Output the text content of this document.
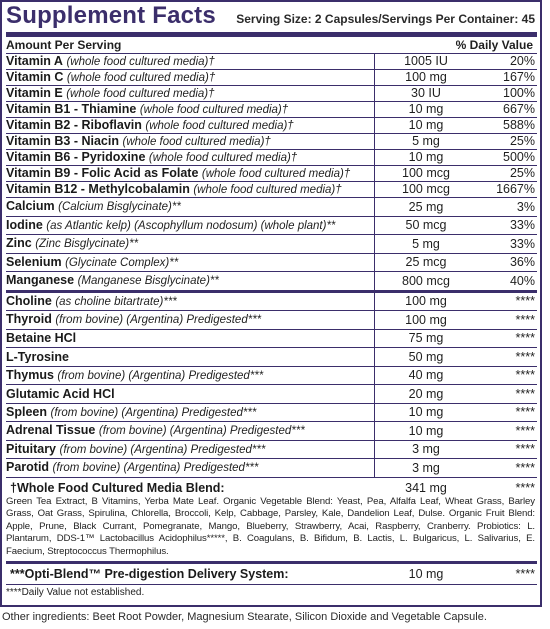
Supplement Facts Serving Size: 2 Capsules/Servings Per Container: 45
Amount Per Serving	% Daily Value
Vitamin A (whole food cultured media)†	1005 IU	20%
Vitamin C (whole food cultured media)†	100 mg	167%
Vitamin E (whole food cultured media)†	30 IU	100%
Vitamin B1 - Thiamine (whole food cultured media)†	10 mg	667%
Vitamin B2 - Riboflavin (whole food cultured media)†	10 mg	588%
Vitamin B3 - Niacin (whole food cultured media)†	5 mg	25%
Vitamin B6 - Pyridoxine (whole food cultured media)†	10 mg	500%
Vitamin B9 - Folic Acid as Folate (whole food cultured media)†	100 mcg	25%
Vitamin B12 - Methylcobalamin (whole food cultured media)†	100 mcg	1667%
Calcium (Calcium Bisglycinate)**	25 mg	3%
Iodine (as Atlantic kelp) (Ascophyllum nodosum) (whole plant)**	50 mcg	33%
Zinc (Zinc Bisglycinate)**	5 mg	33%
Selenium (Glycinate Complex)**	25 mcg	36%
Manganese (Manganese Bisglycinate)**	800 mcg	40%
Choline (as choline bitartrate)***	100 mg	****
Thyroid (from bovine) (Argentina) Predigested***	100 mg	****
Betaine HCl	75 mg	****
L-Tyrosine	50 mg	****
Thymus (from bovine) (Argentina) Predigested***	40 mg	****
Glutamic Acid HCl	20 mg	****
Spleen (from bovine) (Argentina) Predigested***	10 mg	****
Adrenal Tissue (from bovine) (Argentina) Predigested***	10 mg	****
Pituitary (from bovine) (Argentina) Predigested***	3 mg	****
Parotid (from bovine) (Argentina) Predigested***	3 mg	****
†Whole Food Cultured Media Blend:	341 mg	****
Green Tea Extract, B Vitamins, Yerba Mate Leaf. Organic Vegetable Blend: Yeast, Pea, Alfalfa Leaf, Wheat Grass, Barley Grass, Oat Grass, Spirulina, Chlorella, Broccoli, Kelp, Cabbage, Parsley, Kale, Dandelion Leaf, Dulse. Organic Fruit Blend: Apple, Prune, Black Currant, Pomegranate, Mango, Blueberry, Strawberry, Acai, Raspberry, Cranberry. Probiotics: L. Plantarum, DDS-1™ Lactobacillus Acidophilus*****, B. Coagulans, B. Bifidum, B. Lactis, L. Bulgaricus, L. Salivarius, E. Faecium, Streptococcus Thermophilus.
***Opti-Blend™ Pre-digestion Delivery System:	10 mg	****
****Daily Value not established.
Other ingredients: Beet Root Powder, Magnesium Stearate, Silicon Dioxide and Vegetable Capsule.
